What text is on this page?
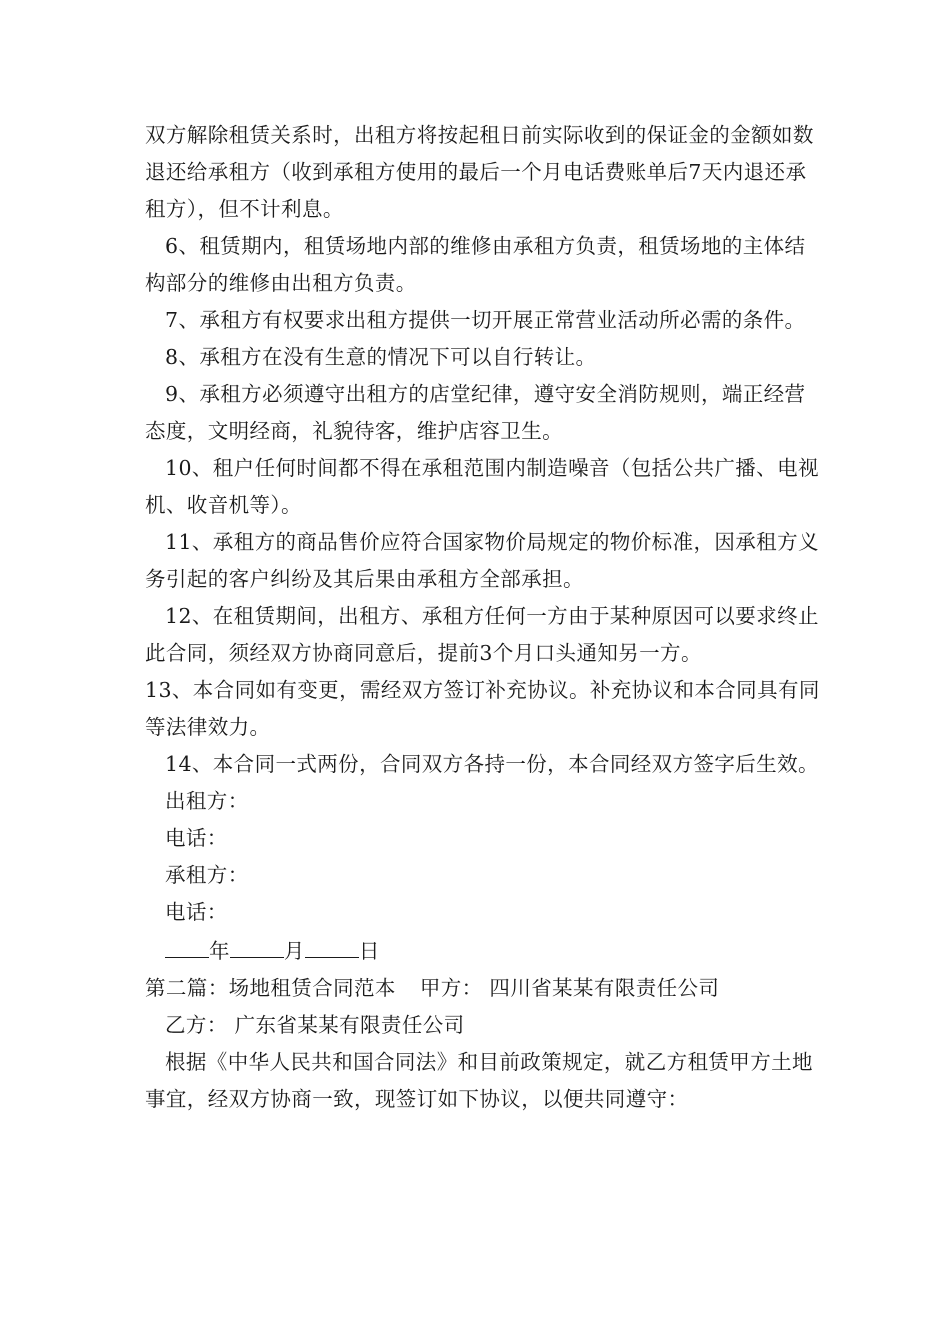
双方解除租赁关系时，出租方将按起租日前实际收到的保证金的金额如数退还给承租方（收到承租方使用的最后一个月电话费账单后7天内退还承租方），但不计利息。

6、租赁期内，租赁场地内部的维修由承租方负责，租赁场地的主体结构部分的维修由出租方负责。

7、承租方有权要求出租方提供一切开展正常营业活动所必需的条件。

8、承租方在没有生意的情况下可以自行转让。

9、承租方必须遵守出租方的店堂纪律，遵守安全消防规则，端正经营态度，文明经商，礼貌待客，维护店容卫生。

10、租户任何时间都不得在承租范围内制造噪音（包括公共广播、电视机、收音机等）。

11、承租方的商品售价应符合国家物价局规定的物价标准，因承租方义务引起的客户纠纷及其后果由承租方全部承担。

12、在租赁期间，出租方、承租方任何一方由于某种原因可以要求终止此合同，须经双方协商同意后，提前3个月口头通知另一方。

13、本合同如有变更，需经双方签订补充协议。补充协议和本合同具有同等法律效力。

14、本合同一式两份，合同双方各持一份，本合同经双方签字后生效。

出租方：

电话：

承租方：

电话：

年	月	日

第二篇：场地租赁合同范本 甲方： 四川省某某有限责任公司

乙方： 广东省某某有限责任公司

根据《中华人民共和国合同法》和目前政策规定，就乙方租赁甲方土地事宜，经双方协商一致，现签订如下协议，以便共同遵守：
